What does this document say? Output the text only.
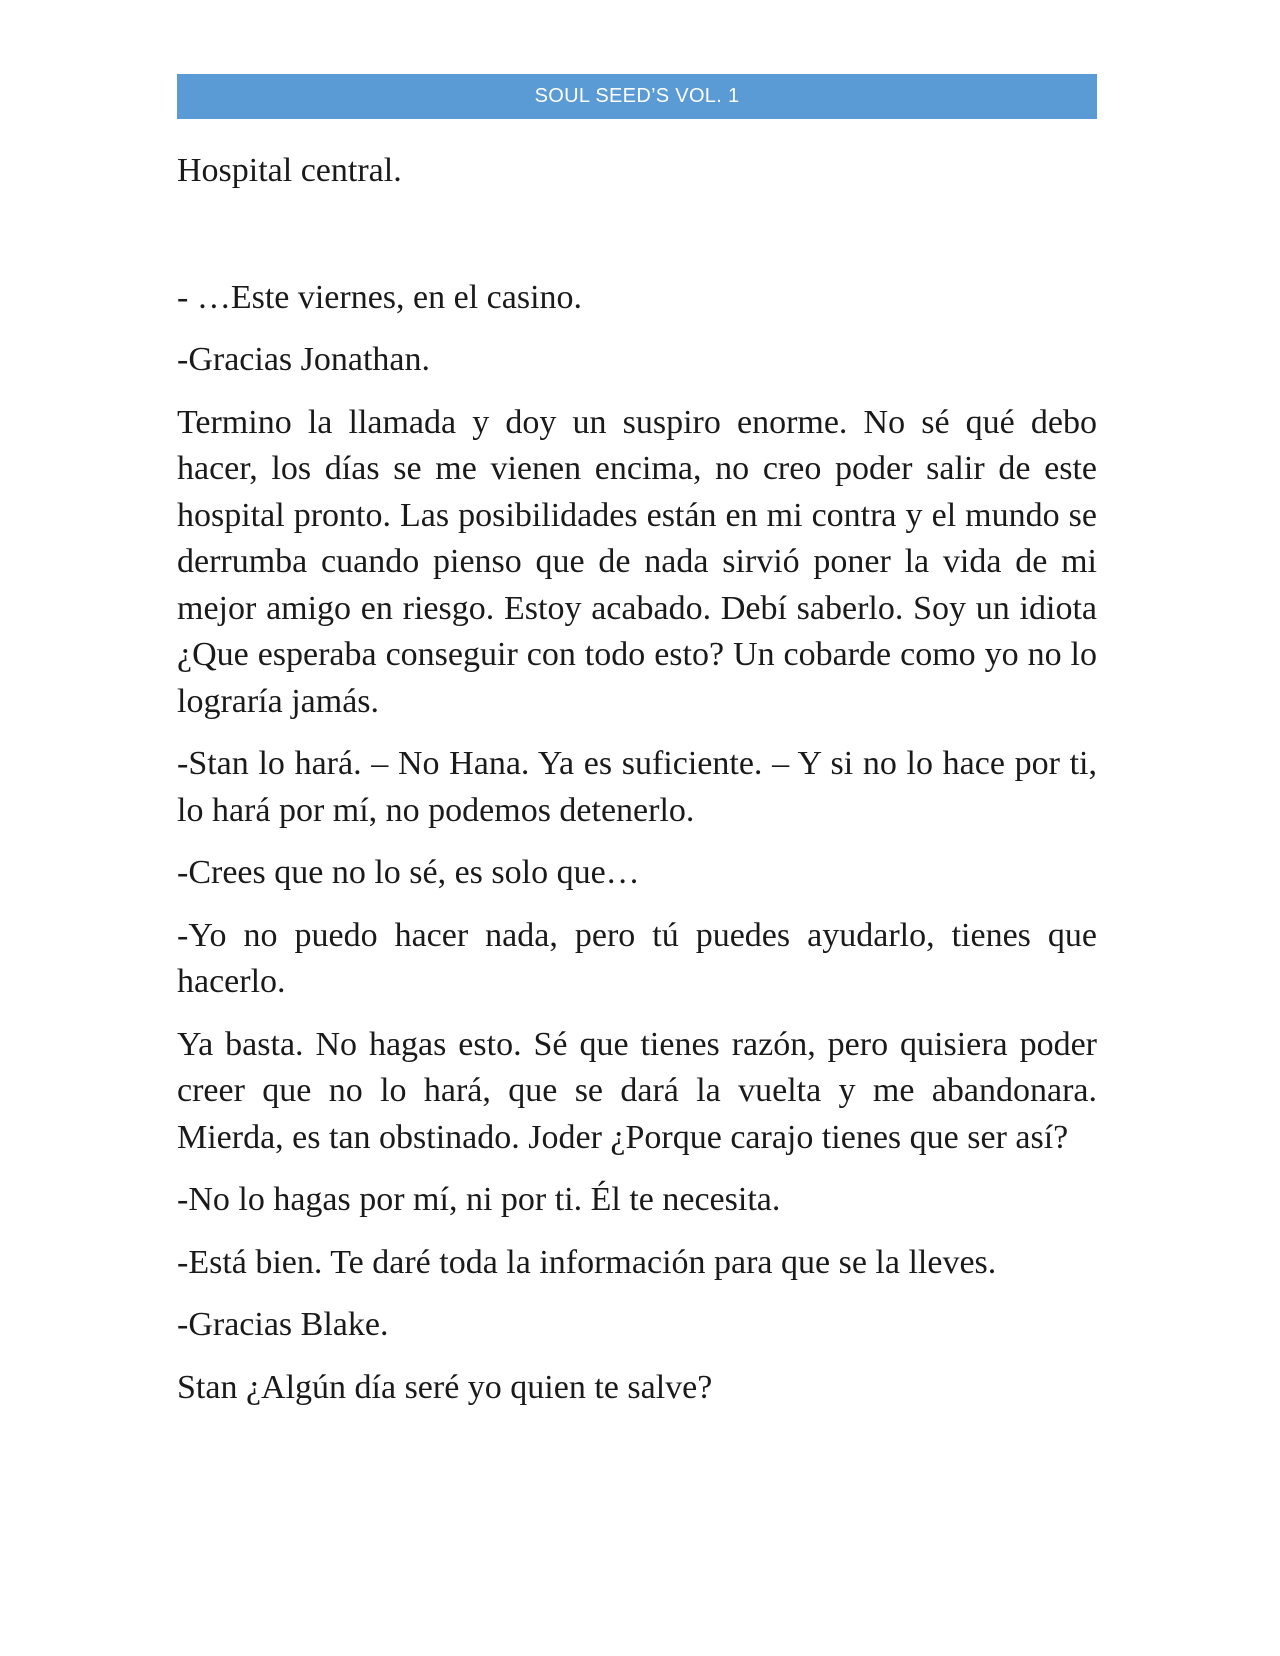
SOUL SEED’S VOL. 1

Hospital central.

- …Este viernes, en el casino.

-Gracias Jonathan.

Termino la llamada y doy un suspiro enorme. No sé qué debo hacer, los días se me vienen encima, no creo poder salir de este hospital pronto. Las posibilidades están en mi contra y el mundo se derrumba cuando pienso que de nada sirvió poner la vida de mi mejor amigo en riesgo. Estoy acabado. Debí saberlo. Soy un idiota ¿Que esperaba conseguir con todo esto? Un cobarde como yo no lo lograría jamás.

-Stan lo hará. – No Hana. Ya es suficiente. – Y si no lo hace por ti, lo hará por mí, no podemos detenerlo.

-Crees que no lo sé, es solo que…

-Yo no puedo hacer nada, pero tú puedes ayudarlo, tienes que hacerlo.

Ya basta. No hagas esto. Sé que tienes razón, pero quisiera poder creer que no lo hará, que se dará la vuelta y me abandonara. Mierda, es tan obstinado. Joder ¿Porque carajo tienes que ser así?

-No lo hagas por mí, ni por ti. Él te necesita.

-Está bien. Te daré toda la información para que se la lleves.

-Gracias Blake.

Stan ¿Algún día seré yo quien te salve?
